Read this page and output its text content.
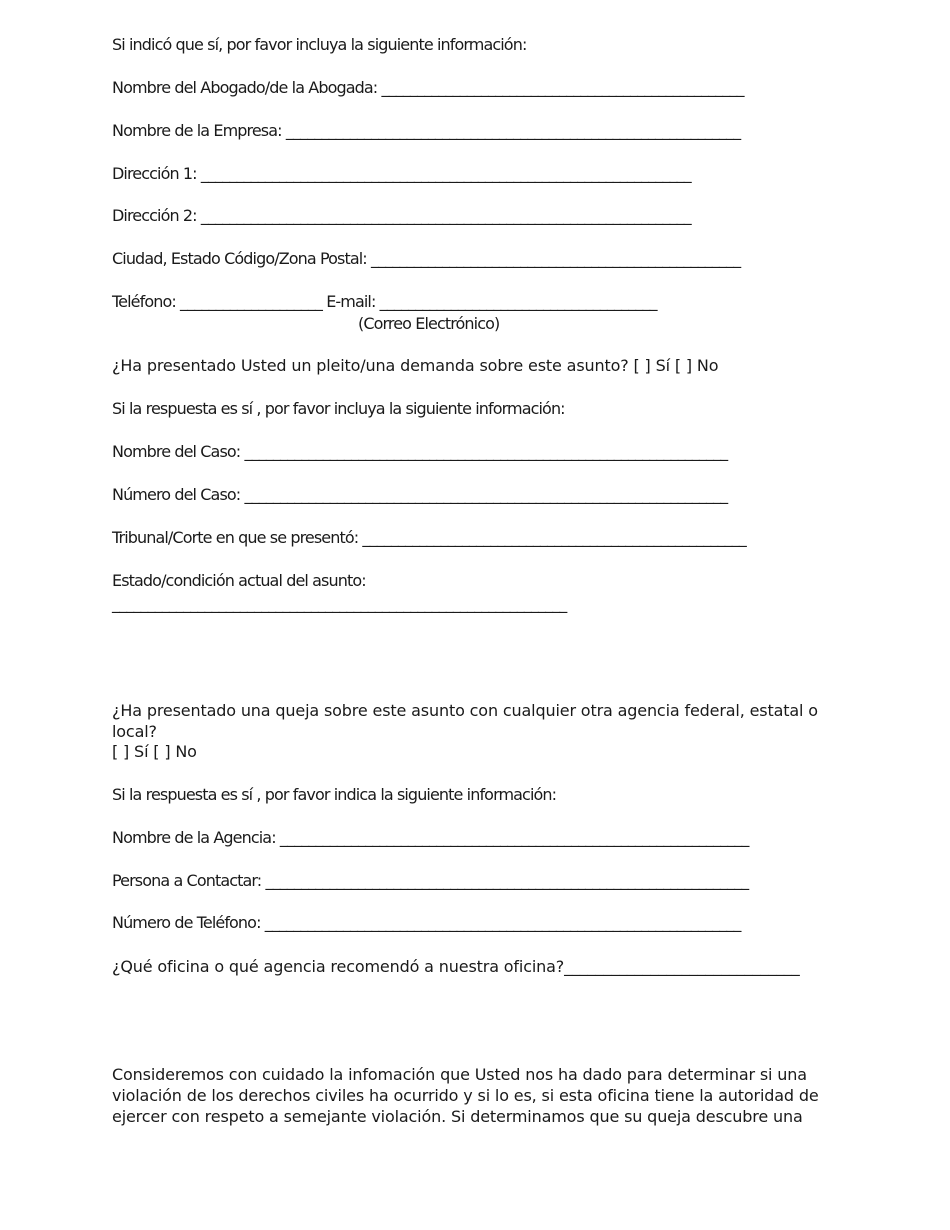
Si indicó que sí, por favor incluya la siguiente información:

Nombre del Abogado/de la Abogada: ___________________________________________________

Nombre de la Empresa: ________________________________________________________________

Dirección 1: _____________________________________________________________________

Dirección 2: _____________________________________________________________________

Ciudad, Estado Código/Zona Postal: ____________________________________________________

Teléfono: ____________________ E-mail: _______________________________________

(Correo Electrónico)

¿Ha presentado Usted un pleito/una demanda sobre este asunto? [ ] Sí [ ] No

Si la respuesta es sí , por favor incluya la siguiente información:

Nombre del Caso: ____________________________________________________________________

Número del Caso: ____________________________________________________________________

Tribunal/Corte en que se presentó: ______________________________________________________

Estado/condición actual del asunto:

________________________________________________________________

¿Ha presentado una queja sobre este asunto con cualquier otra agencia federal, estatal o local?

[ ] Sí [ ] No

Si la respuesta es sí , por favor indica la siguiente información:

Nombre de la Agencia: __________________________________________________________________

Persona a Contactar: ____________________________________________________________________

Número de Teléfono: ___________________________________________________________________

¿Qué oficina o qué agencia recomendó a nuestra oficina?______________________________

Consideremos con cuidado la infomación que Usted nos ha dado para determinar si una violación de los derechos civiles ha ocurrido y si lo es, si esta oficina tiene la autoridad de ejercer con respeto a semejante violación. Si determinamos que su queja descubre una
